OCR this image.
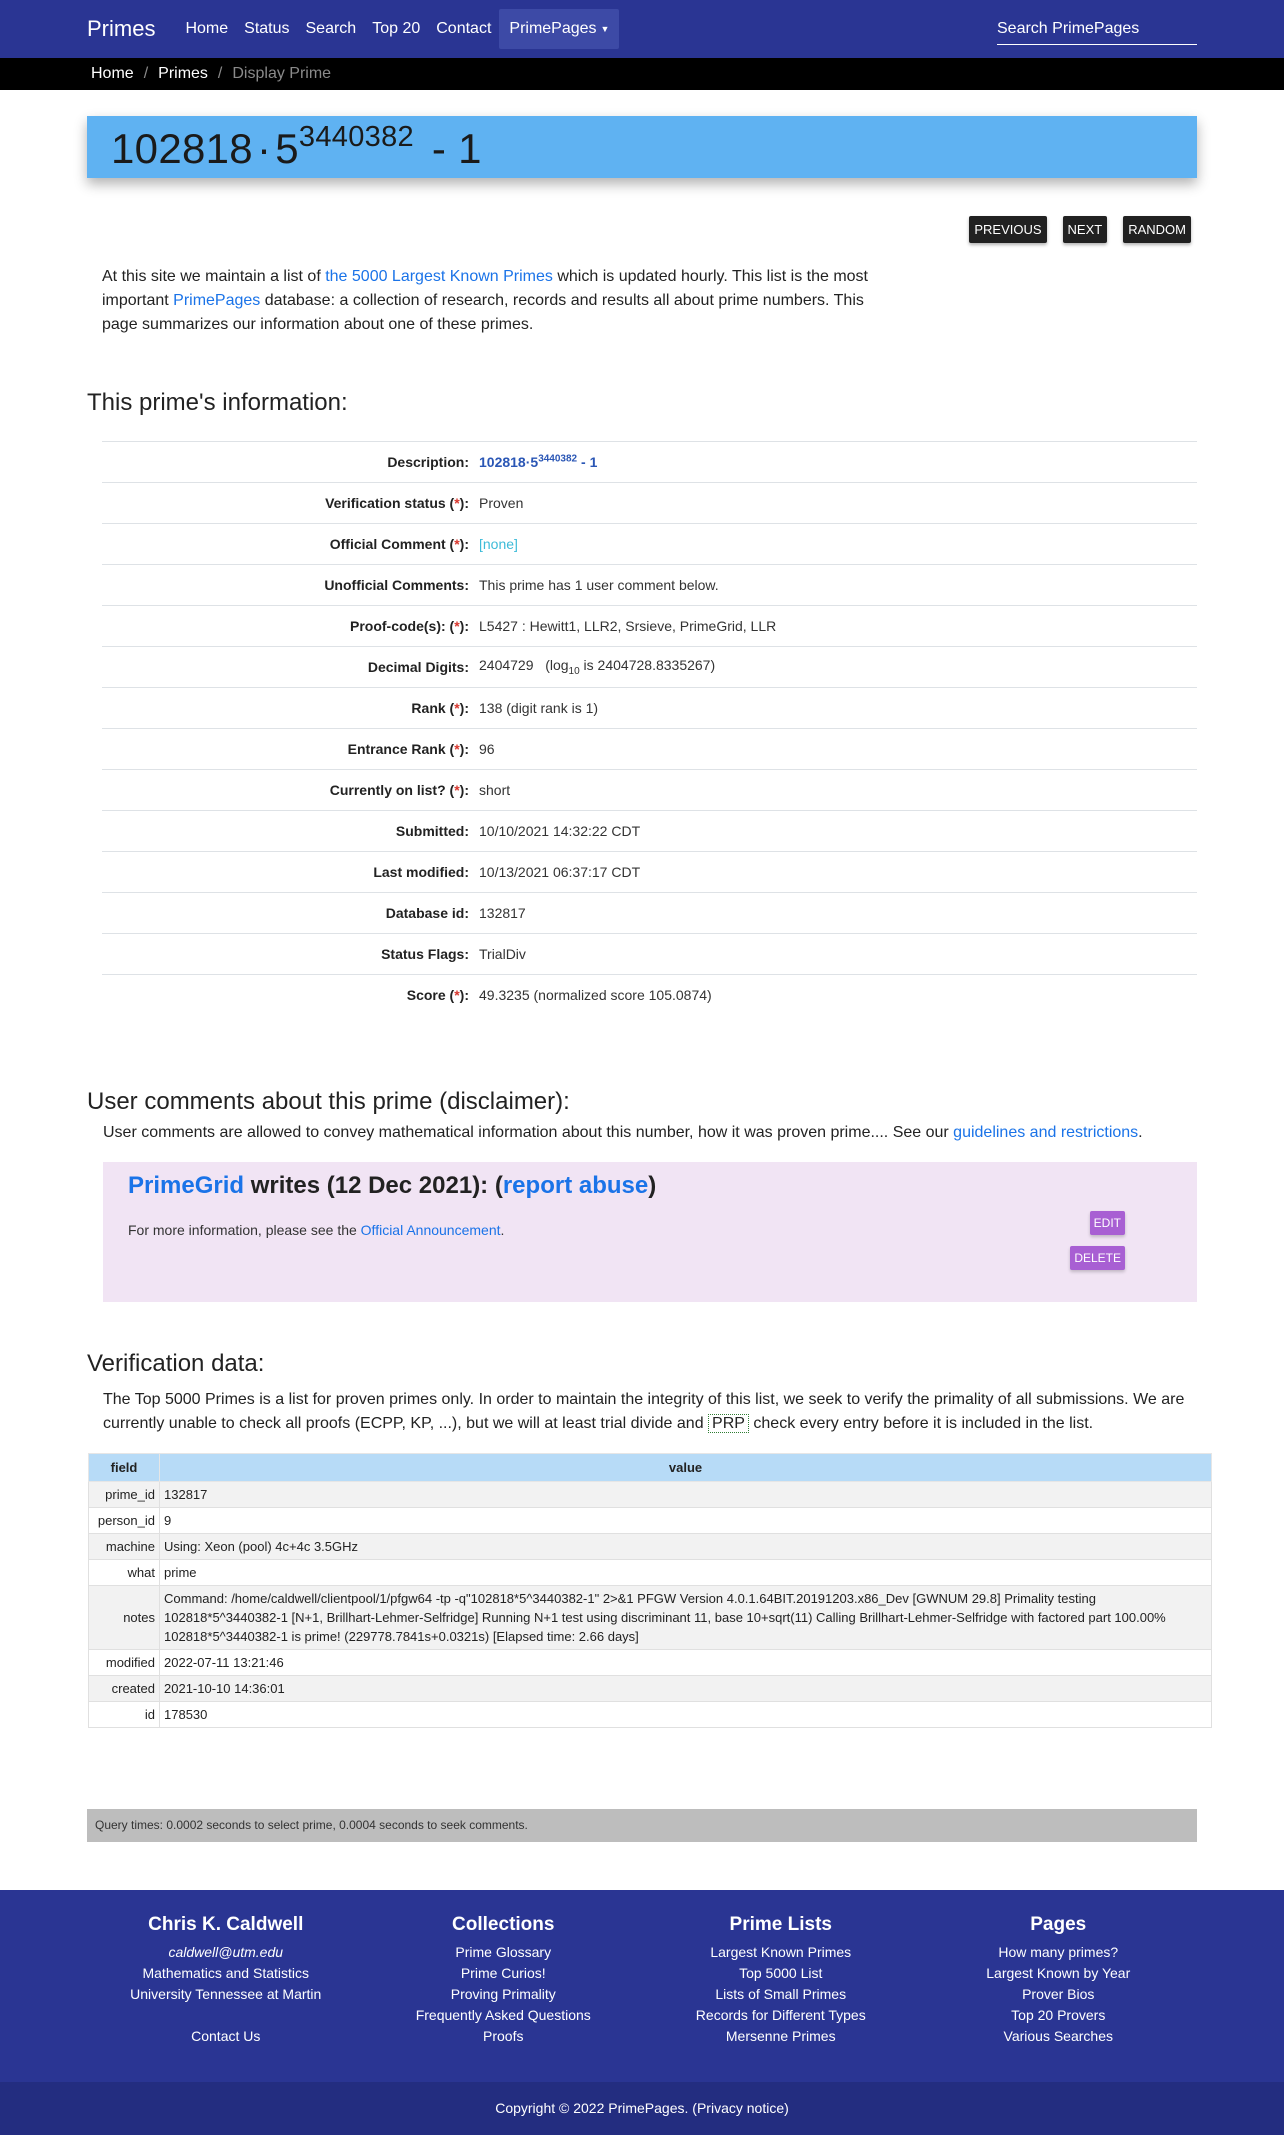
Primes	Home	Status	Search	Top 20	Contact	PrimePages ▼
Search PrimePages
Home / Primes / Display Prime
$102818\cdot 5^{3440382} - 1$
PREVIOUS	NEXT	RANDOM

At this site we maintain a list of the 5000 Largest Known Primes which is updated hourly. This list is the most important PrimePages database: a collection of research, records and results all about prime numbers. This page summarizes our information about one of these primes.

This prime's information:
Description:	$102818\cdot 5^{3440382} - 1$
Verification status (*):	Proven
Official Comment (*):	[none]
Unofficial Comments:	This prime has 1 user comment below.
Proof-code(s): (*):	L5427 : Hewitt1, LLR2, Srsieve, PrimeGrid, LLR
Decimal Digits:	2404729 ($\log_{10}$ is 2404728.8335267)
Rank (*):	138 (digit rank is 1)
Entrance Rank (*):	96
Currently on list? (*):	short
Submitted:	10/10/2021 14:32:22 CDT
Last modified:	10/13/2021 06:37:17 CDT
Database id:	132817
Status Flags:	TrialDiv
Score (*):	49.3235 (normalized score 105.0874)
User comments about this prime (disclaimer):

User comments are allowed to convey mathematical information about this number, how it was proven prime.... See our guidelines and restrictions.

PrimeGrid writes (12 Dec 2021): (report abuse)
For more information, please see the Official Announcement.	EDIT
DELETE
Verification data:

The Top 5000 Primes is a list for proven primes only. In order to maintain the integrity of this list, we seek to verify the primality of all submissions. We are currently unable to check all proofs (ECPP, KP, ...), but we will at least trial divide and PRP check every entry before it is included in the list.

field	value
prime_id	132817
person_id	9
machine	Using: Xeon (pool) 4c+4c 3.5GHz
what	prime
notes	Command: /home/caldwell/clientpool/1/pfgw64 -tp -q"102818*5^3440382-1" 2>&1 PFGW Version 4.0.1.64BIT.20191203.x86_Dev [GWNUM 29.8] Primality testing 102818*5^3440382-1 [N+1, Brillhart-Lehmer-Selfridge] Running N+1 test using discriminant 11, base 10+sqrt(11) Calling Brillhart-Lehmer-Selfridge with factored part 100.00% 102818*5^3440382-1 is prime! (229778.7841s+0.0321s) [Elapsed time: 2.66 days]
modified	2022-07-11 13:21:46
created	2021-10-10 14:36:01
id	178530
Query times: 0.0002 seconds to select prime, 0.0004 seconds to seek comments.
Chris K. Caldwell
caldwell@utm.edu
Mathematics and Statistics
University Tennessee at Martin
Contact Us
Collections
Prime Glossary
Prime Curios!
Proving Primality
Frequently Asked Questions
Proofs
Prime Lists
Largest Known Primes
Top 5000 List
Lists of Small Primes
Records for Different Types
Mersenne Primes
Pages
How many primes?
Largest Known by Year
Prover Bios
Top 20 Provers
Various Searches
Copyright © 2022 PrimePages. (Privacy notice)
